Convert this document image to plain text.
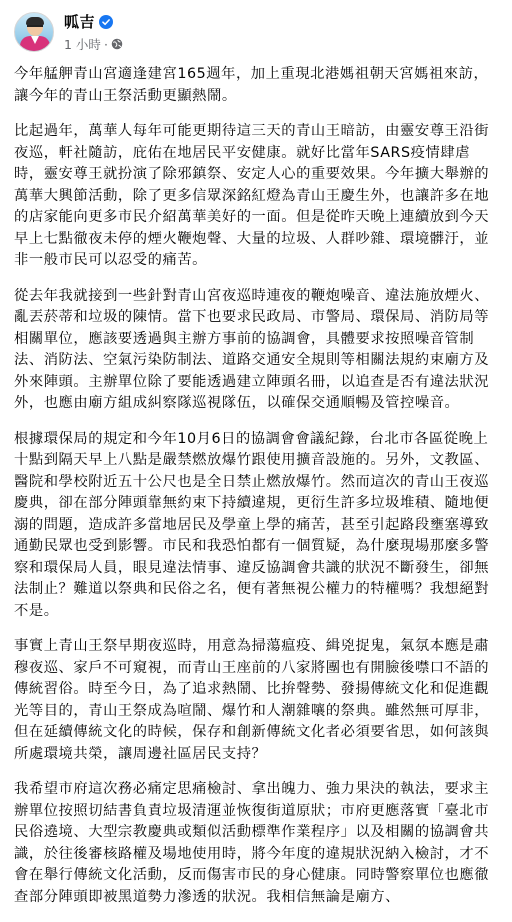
呱吉
1 小時 ·

今年艋舺青山宮適逢建宮165週年，加上重現北港媽祖朝天宮媽祖來訪，讓今年的青山王祭活動更顯熱鬧。

比起過年，萬華人每年可能更期待這三天的青山王暗訪，由靈安尊王沿街夜巡，軒社隨訪，庇佑在地居民平安健康。就好比當年SARS疫情肆虐時，靈安尊王就扮演了除邪鎮祭、安定人心的重要效果。今年擴大舉辦的萬華大興節活動，除了更多信眾深銘紅燈為青山王慶生外，也讓許多在地的店家能向更多市民介紹萬華美好的一面。但是從昨天晚上連續放到今天早上七點徹夜未停的煙火鞭炮聲、大量的垃圾、人群吵雜、環境髒汙，並非一般市民可以忍受的痛苦。

從去年我就接到一些針對青山宮夜巡時連夜的鞭炮噪音、違法施放煙火、亂丟菸蒂和垃圾的陳情。當下也要求民政局、市警局、環保局、消防局等相關單位，應該要透過與主辦方事前的協調會，具體要求按照噪音管制法、消防法、空氣污染防制法、道路交通安全規則等相關法規約束廟方及外來陣頭。主辦單位除了要能透過建立陣頭名冊，以追查是否有違法狀況外，也應由廟方組成糾察隊巡視隊伍，以確保交通順暢及管控噪音。

根據環保局的規定和今年10月6日的協調會會議紀錄，台北市各區從晚上十點到隔天早上八點是嚴禁燃放爆竹跟使用擴音設施的。另外，文教區、醫院和學校附近五十公尺也是全日禁止燃放爆竹。然而這次的青山王夜巡慶典，卻在部分陣頭靠無約束下持續違規，更衍生許多垃圾堆積、隨地便溺的問題，造成許多當地居民及學童上學的痛苦，甚至引起路段壅塞導致通勤民眾也受到影響。市民和我恐怕都有一個質疑，為什麼現場那麼多警察和環保局人員，眼見違法情事、違反協調會共識的狀況不斷發生，卻無法制止？難道以祭典和民俗之名，便有著無視公權力的特權嗎？我想絕對不是。

事實上青山王祭早期夜巡時，用意為掃蕩瘟疫、緝兇捉鬼，氣氛本應是肅穆夜巡、家戶不可窺視，而青山王座前的八家將團也有開臉後噤口不語的傳統習俗。時至今日，為了追求熱鬧、比拚聲勢、發揚傳統文化和促進觀光等目的，青山王祭成為喧鬧、爆竹和人潮雜嚷的祭典。雖然無可厚非，但在延續傳統文化的時候，保存和創新傳統文化者必須要省思，如何該與所處環境共榮，讓周邊社區居民支持？

我希望市府這次務必痛定思痛檢討、拿出魄力、強力果決的執法，要求主辦單位按照切結書負責垃圾清運並恢復街道原狀；市府更應落實「臺北市民俗遶境、大型宗教慶典或類似活動標準作業程序」以及相關的協調會共識，於往後審核路權及場地使用時，將今年度的違規狀況納入檢討，才不會在舉行傳統文化活動，反而傷害市民的身心健康。同時警察單位也應徹查部分陣頭即被黑道勢力滲透的狀況。我相信無論是廟方、
